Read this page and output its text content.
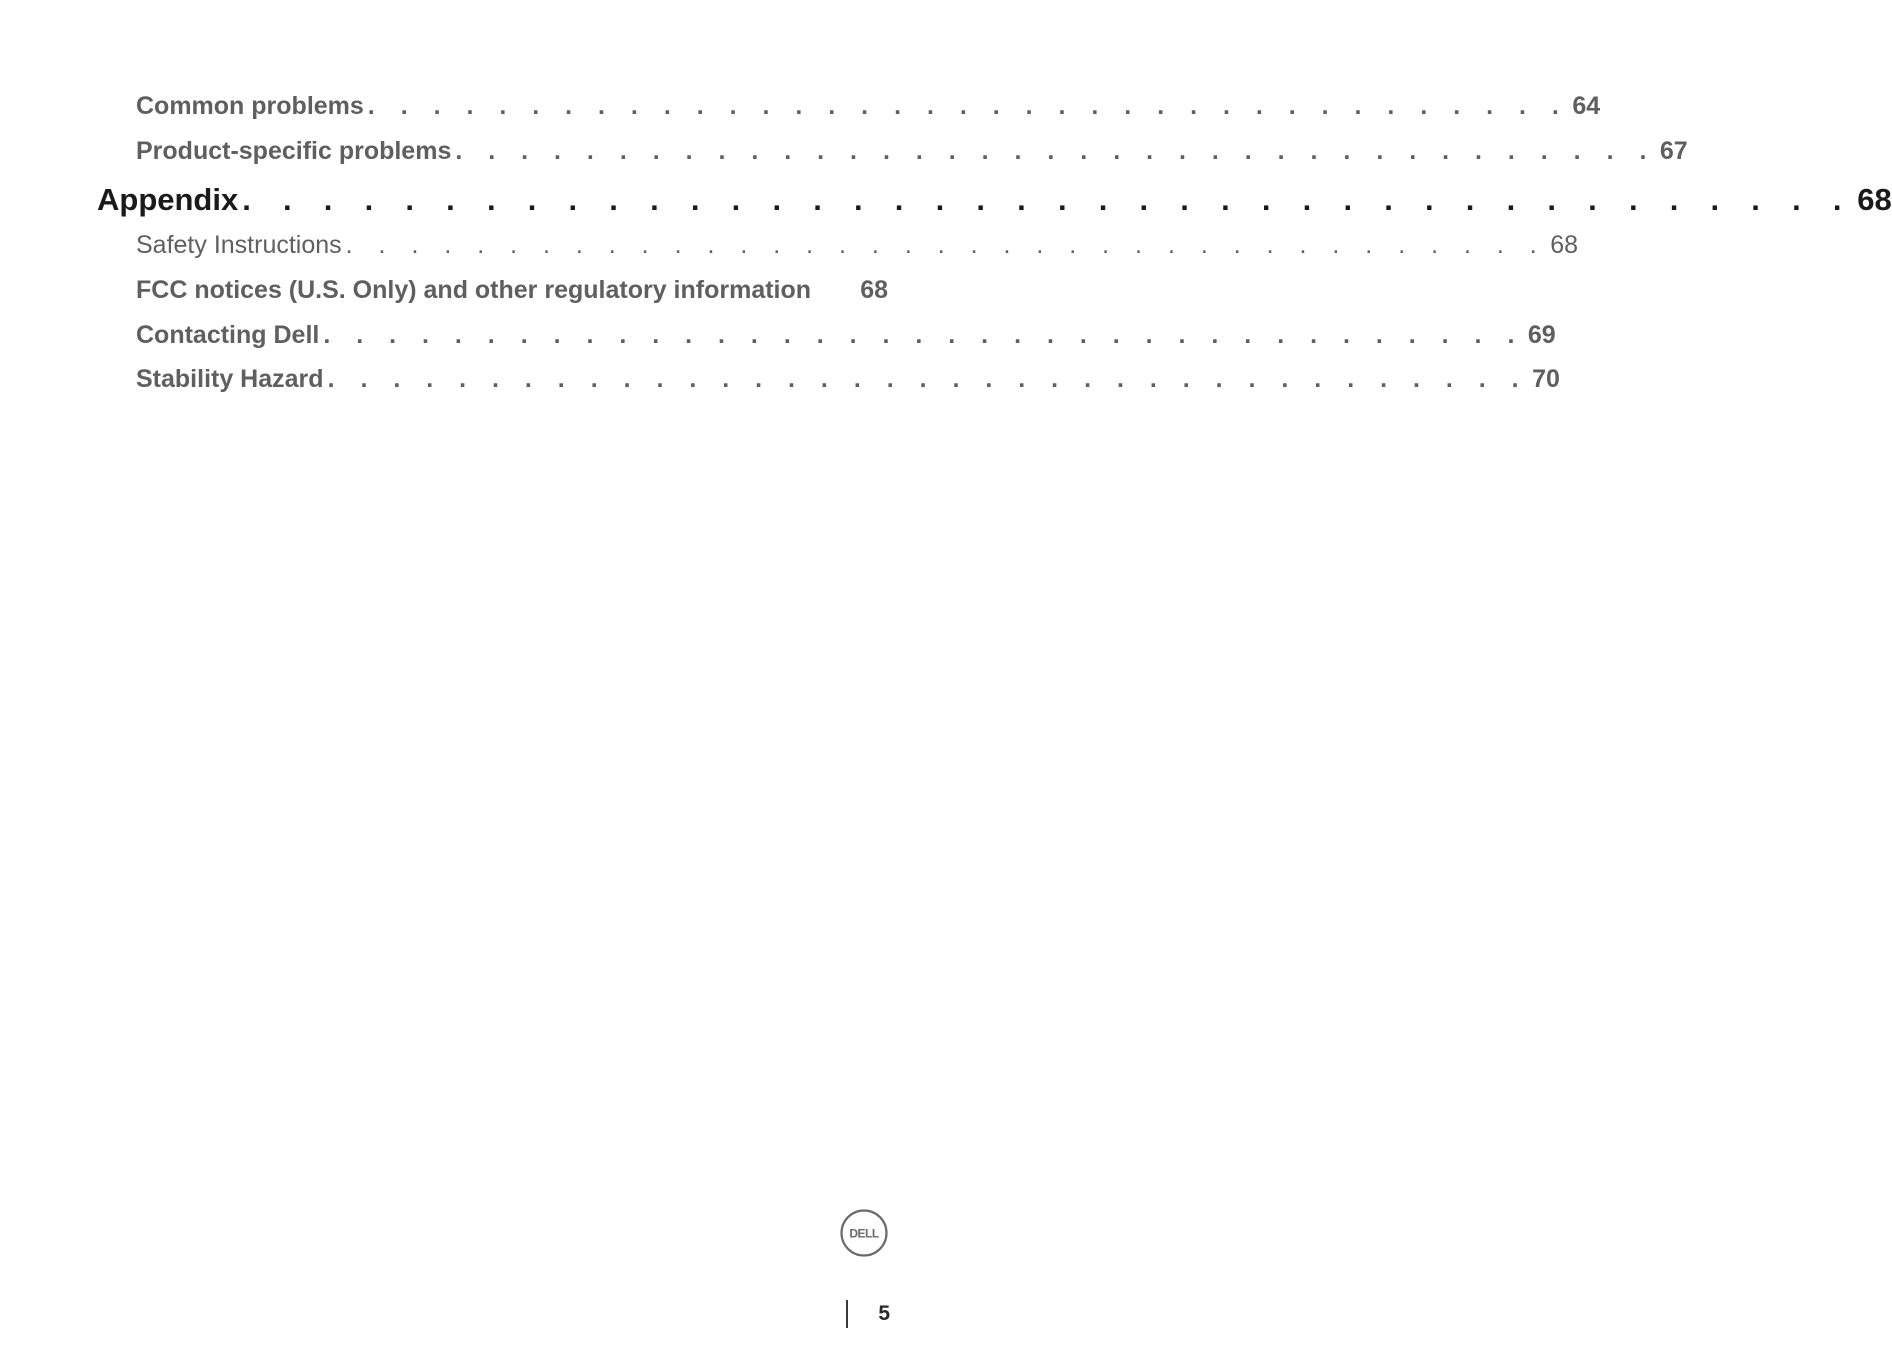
Common problems . . . . . . . . . . . . . . . . . . . . . . . . . . . . . . . . . . . . . 64
Product-specific problems . . . . . . . . . . . . . . . . . . . . . . . . . . . . . . . . . . . . . 67
Appendix . . . . . . . . . . . . . . . . . . . . . . . . . . . . . . . . . . . . . . . . 68
Safety Instructions . . . . . . . . . . . . . . . . . . . . . . . . . . . . . . . . . . . . . 68
FCC notices (U.S. Only) and other regulatory information 68
Contacting Dell . . . . . . . . . . . . . . . . . . . . . . . . . . . . . . . . . . . . . 69
Stability Hazard . . . . . . . . . . . . . . . . . . . . . . . . . . . . . . . . . . . . . 70
DELL
5
